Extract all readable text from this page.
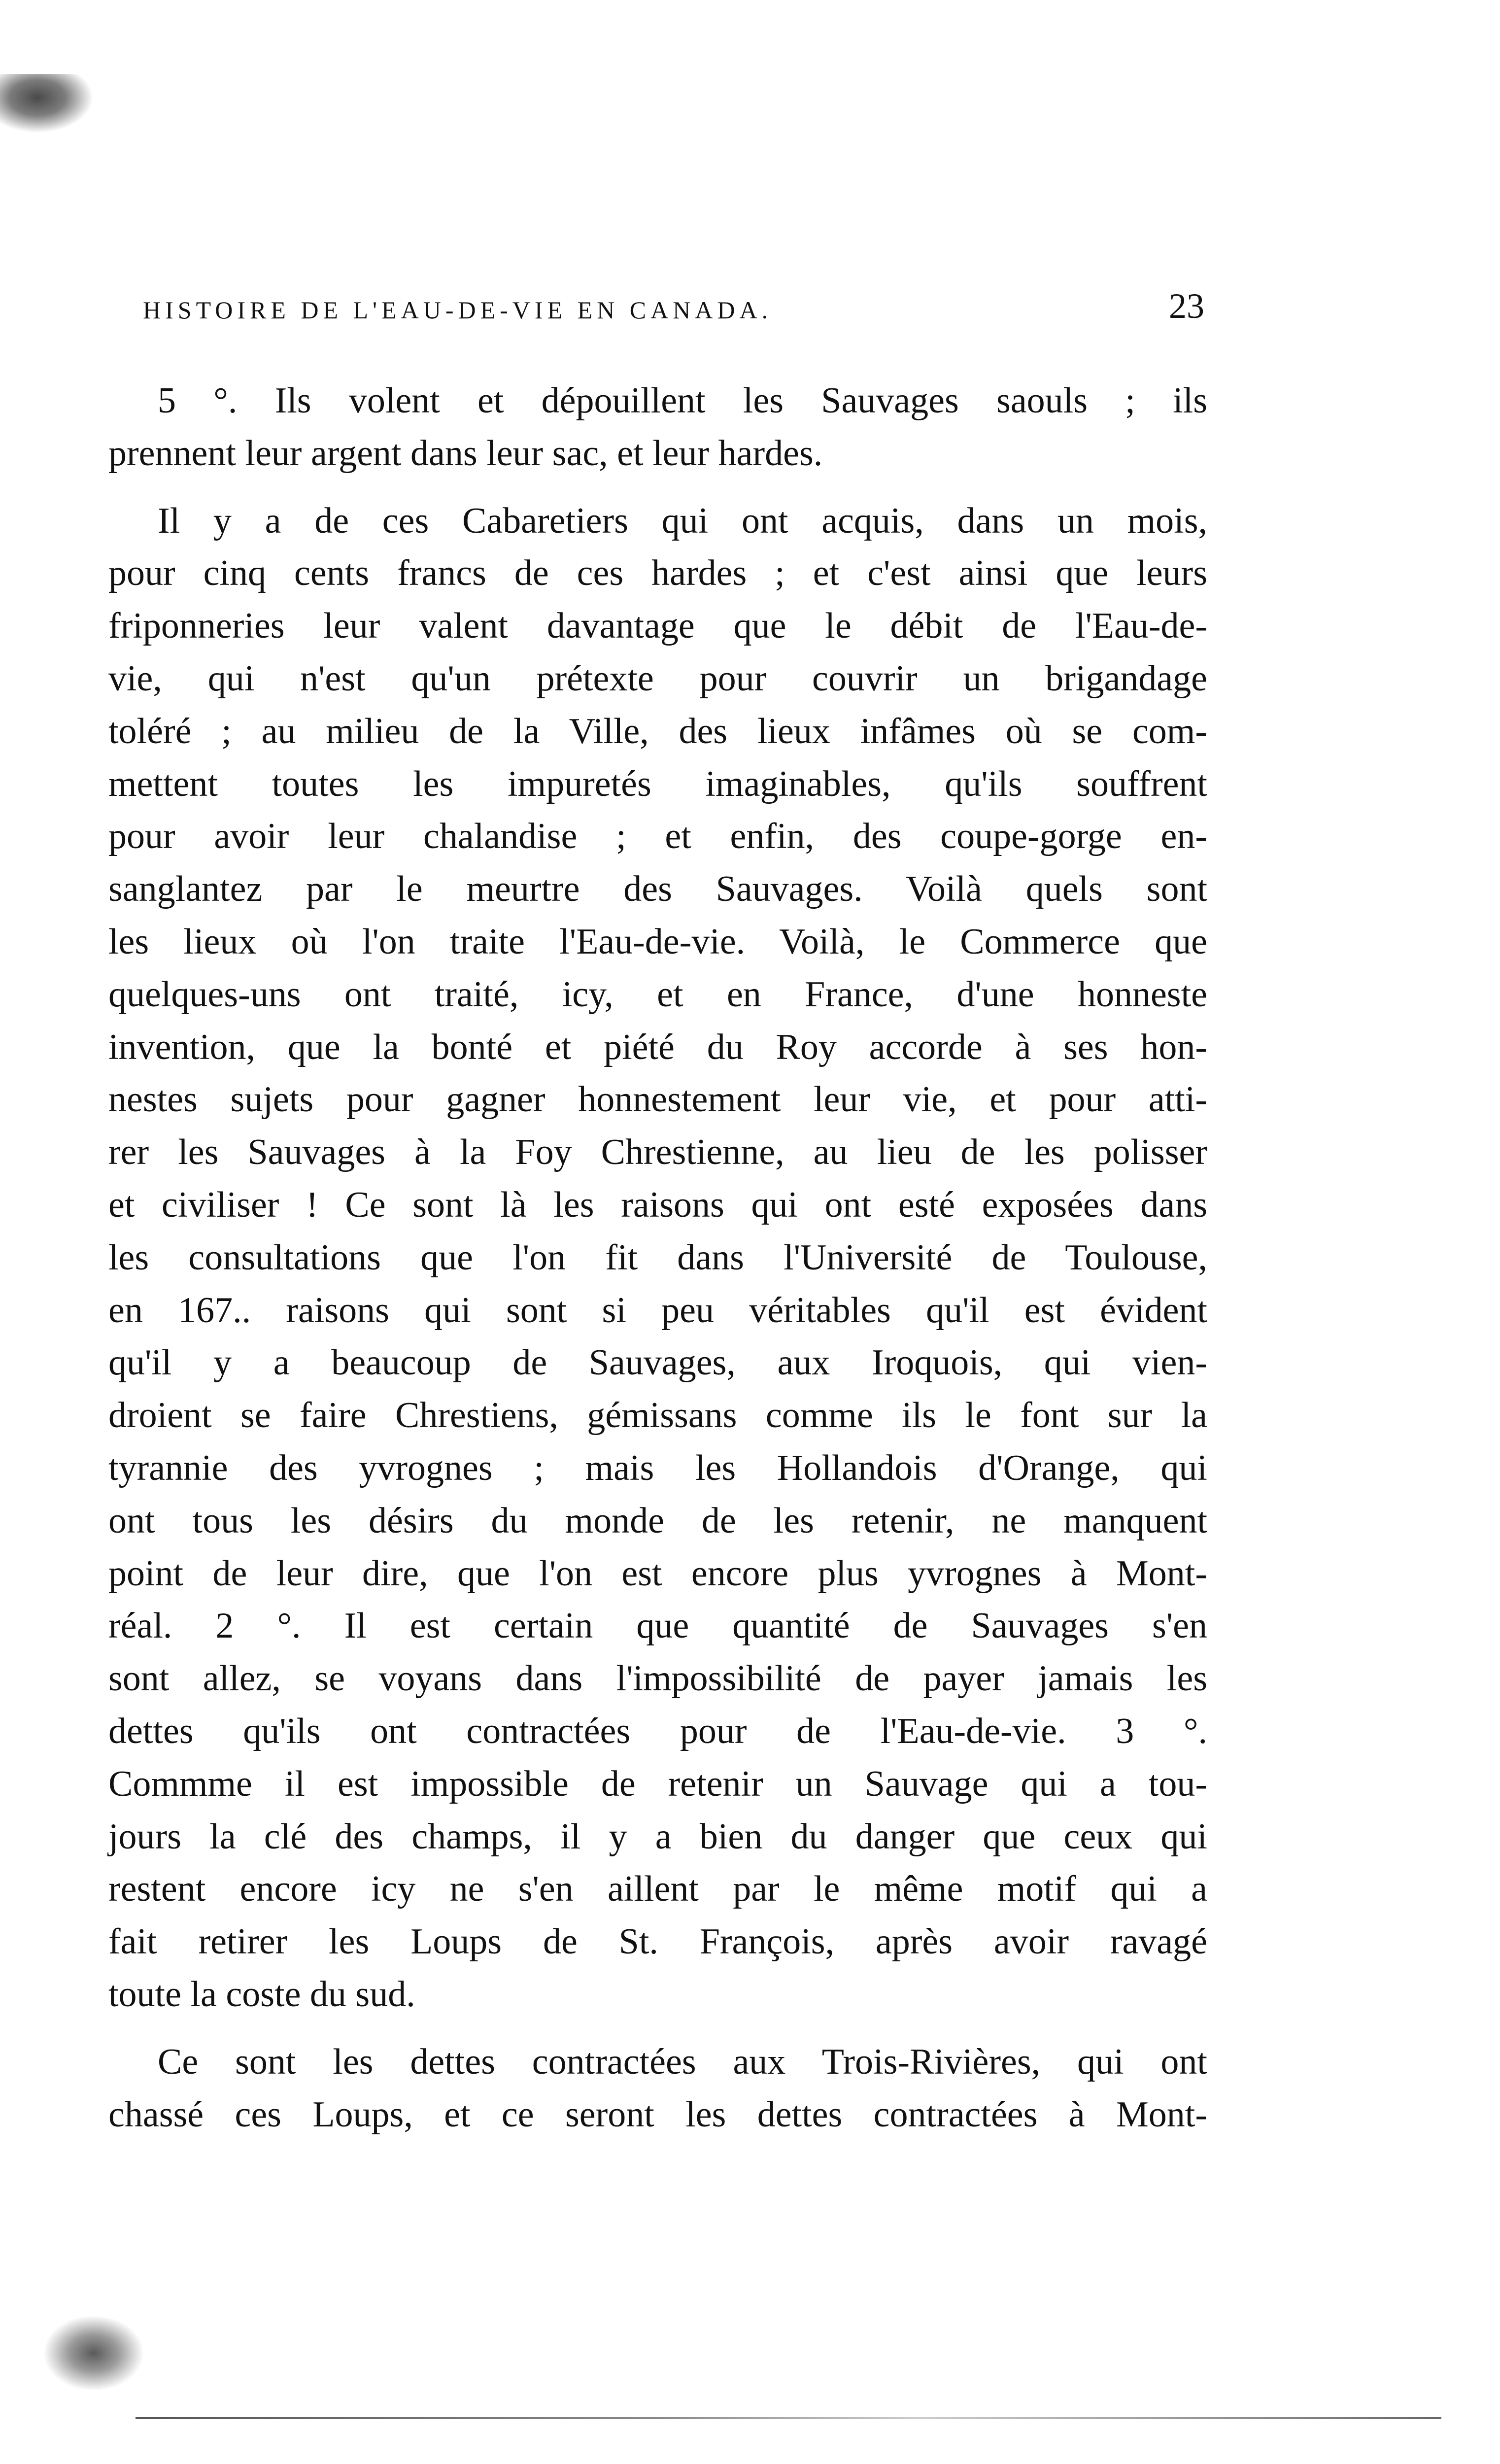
HISTOIRE DE L'EAU-DE-VIE EN CANADA.	23
5 °. Ils volent et dépouillent les Sauvages saouls ; ils
prennent leur argent dans leur sac, et leur hardes.
Il y a de ces Cabaretiers qui ont acquis, dans un mois,
pour cinq cents francs de ces hardes ; et c'est ainsi que leurs
friponneries leur valent davantage que le débit de l'Eau-de-
vie, qui n'est qu'un prétexte pour couvrir un brigandage
toléré ; au milieu de la Ville, des lieux infâmes où se com-
mettent toutes les impuretés imaginables, qu'ils souffrent
pour avoir leur chalandise ; et enfin, des coupe-gorge en-
sanglantez par le meurtre des Sauvages. Voilà quels sont
les lieux où l'on traite l'Eau-de-vie. Voilà, le Commerce que
quelques-uns ont traité, icy, et en France, d'une honneste
invention, que la bonté et piété du Roy accorde à ses hon-
nestes sujets pour gagner honnestement leur vie, et pour atti-
rer les Sauvages à la Foy Chrestienne, au lieu de les polisser
et civiliser ! Ce sont là les raisons qui ont esté exposées dans
les consultations que l'on fit dans l'Université de Toulouse,
en 167.. raisons qui sont si peu véritables qu'il est évident
qu'il y a beaucoup de Sauvages, aux Iroquois, qui vien-
droient se faire Chrestiens, gémissans comme ils le font sur la
tyrannie des yvrognes ; mais les Hollandois d'Orange, qui
ont tous les désirs du monde de les retenir, ne manquent
point de leur dire, que l'on est encore plus yvrognes à Mont-
réal. 2 °. Il est certain que quantité de Sauvages s'en
sont allez, se voyans dans l'impossibilité de payer jamais les
dettes qu'ils ont contractées pour de l'Eau-de-vie. 3 °.
Commme il est impossible de retenir un Sauvage qui a tou-
jours la clé des champs, il y a bien du danger que ceux qui
restent encore icy ne s'en aillent par le même motif qui a
fait retirer les Loups de St. François, après avoir ravagé
toute la coste du sud.
Ce sont les dettes contractées aux Trois-Rivières, qui ont
chassé ces Loups, et ce seront les dettes contractées à Mont-
